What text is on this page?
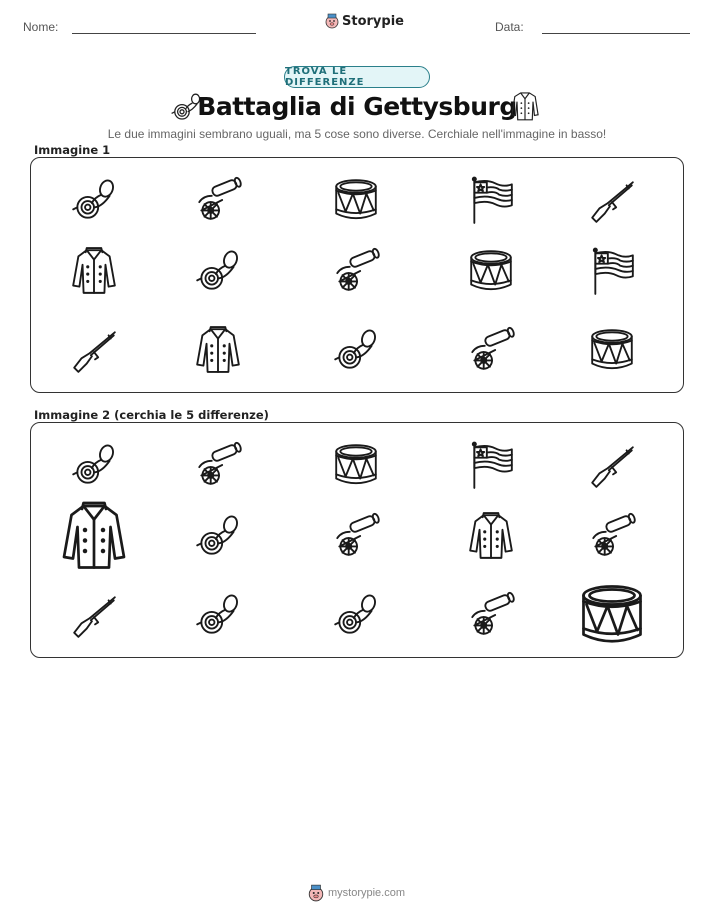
Nome:	Storypie	Data:
TROVA LE DIFFERENZE
Battaglia di Gettysburg
Le due immagini sembrano uguali, ma 5 cose sono diverse. Cerchiale nell'immagine in basso!
Immagine 1
Immagine 2 (cerchia le 5 differenze)
mystorypie.com
